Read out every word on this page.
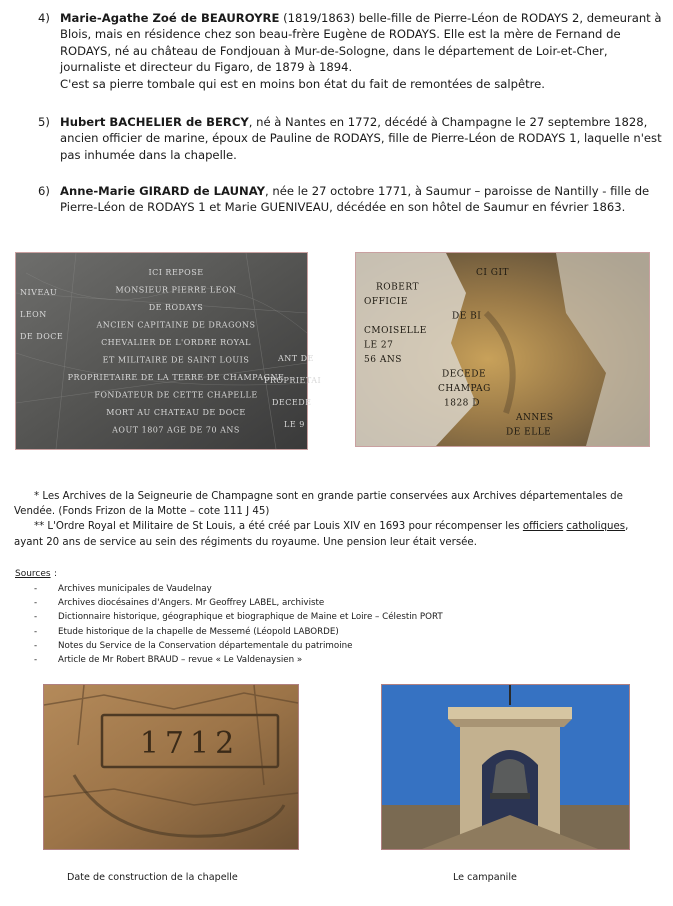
4) Marie-Agathe Zoé de BEAUROYRE (1819/1863) belle-fille de Pierre-Léon de RODAYS 2, demeurant à Blois, mais en résidence chez son beau-frère Eugène de RODAYS. Elle est la mère de Fernand de RODAYS, né au château de Fondjouan à Mur-de-Sologne, dans le département de Loir-et-Cher, journaliste et directeur du Figaro, de 1879 à 1894.
C'est sa pierre tombale qui est en moins bon état du fait de remontées de salpêtre.
5) Hubert BACHELIER de BERCY, né à Nantes en 1772, décédé à Champagne le 27 septembre 1828, ancien officier de marine, époux de Pauline de RODAYS, fille de Pierre-Léon de RODAYS 1, laquelle n'est pas inhumée dans la chapelle.
6) Anne-Marie GIRARD de LAUNAY, née le 27 octobre 1771, à Saumur – paroisse de Nantilly - fille de Pierre-Léon de RODAYS 1 et Marie GUENIVEAU, décédée en son hôtel de Saumur en février 1863.
ICI REPOSE
MONSIEUR PIERRE LEON
DE RODAYS
ANCIEN CAPITAINE DE DRAGONS
CHEVALIER DE L'ORDRE ROYAL
ET MILITAIRE DE SAINT LOUIS
PROPRIETAIRE DE LA TERRE DE CHAMPAGNE
FONDATEUR DE CETTE CHAPELLE
MORT AU CHATEAU DE DOCE
AOUT 1807 AGE DE 70 ANS
NIVEAU
LEON
DE DOCE
ANT DE
PROPRIETAI
DECEDE
LE 9
CI GIT
ROBERT
OFFICIE
DE BI
CMOISELLE
LE 27
56 ANS
DECEDE
CHAMPAG
1828 D
ANNES
DE ELLE

* Les Archives de la Seigneurie de Champagne sont en grande partie conservées aux Archives départementales de Vendée. (Fonds Frizon de la Motte – cote 111 J 45)

** L'Ordre Royal et Militaire de St Louis, a été créé par Louis XIV en 1693 pour récompenser les officiers catholiques, ayant 20 ans de service au sein des régiments du royaume. Une pension leur était versée.

Sources :
- Archives municipales de Vaudelnay
- Archives diocésaines d'Angers. Mr Geoffrey LABEL, archiviste
- Dictionnaire historique, géographique et biographique de Maine et Loire – Célestin PORT
- Etude historique de la chapelle de Messemé (Léopold LABORDE)
- Notes du Service de la Conservation départementale du patrimoine
- Article de Mr Robert BRAUD – revue « Le Valdenaysien »
1712
Date de construction de la chapelle	Le campanile
